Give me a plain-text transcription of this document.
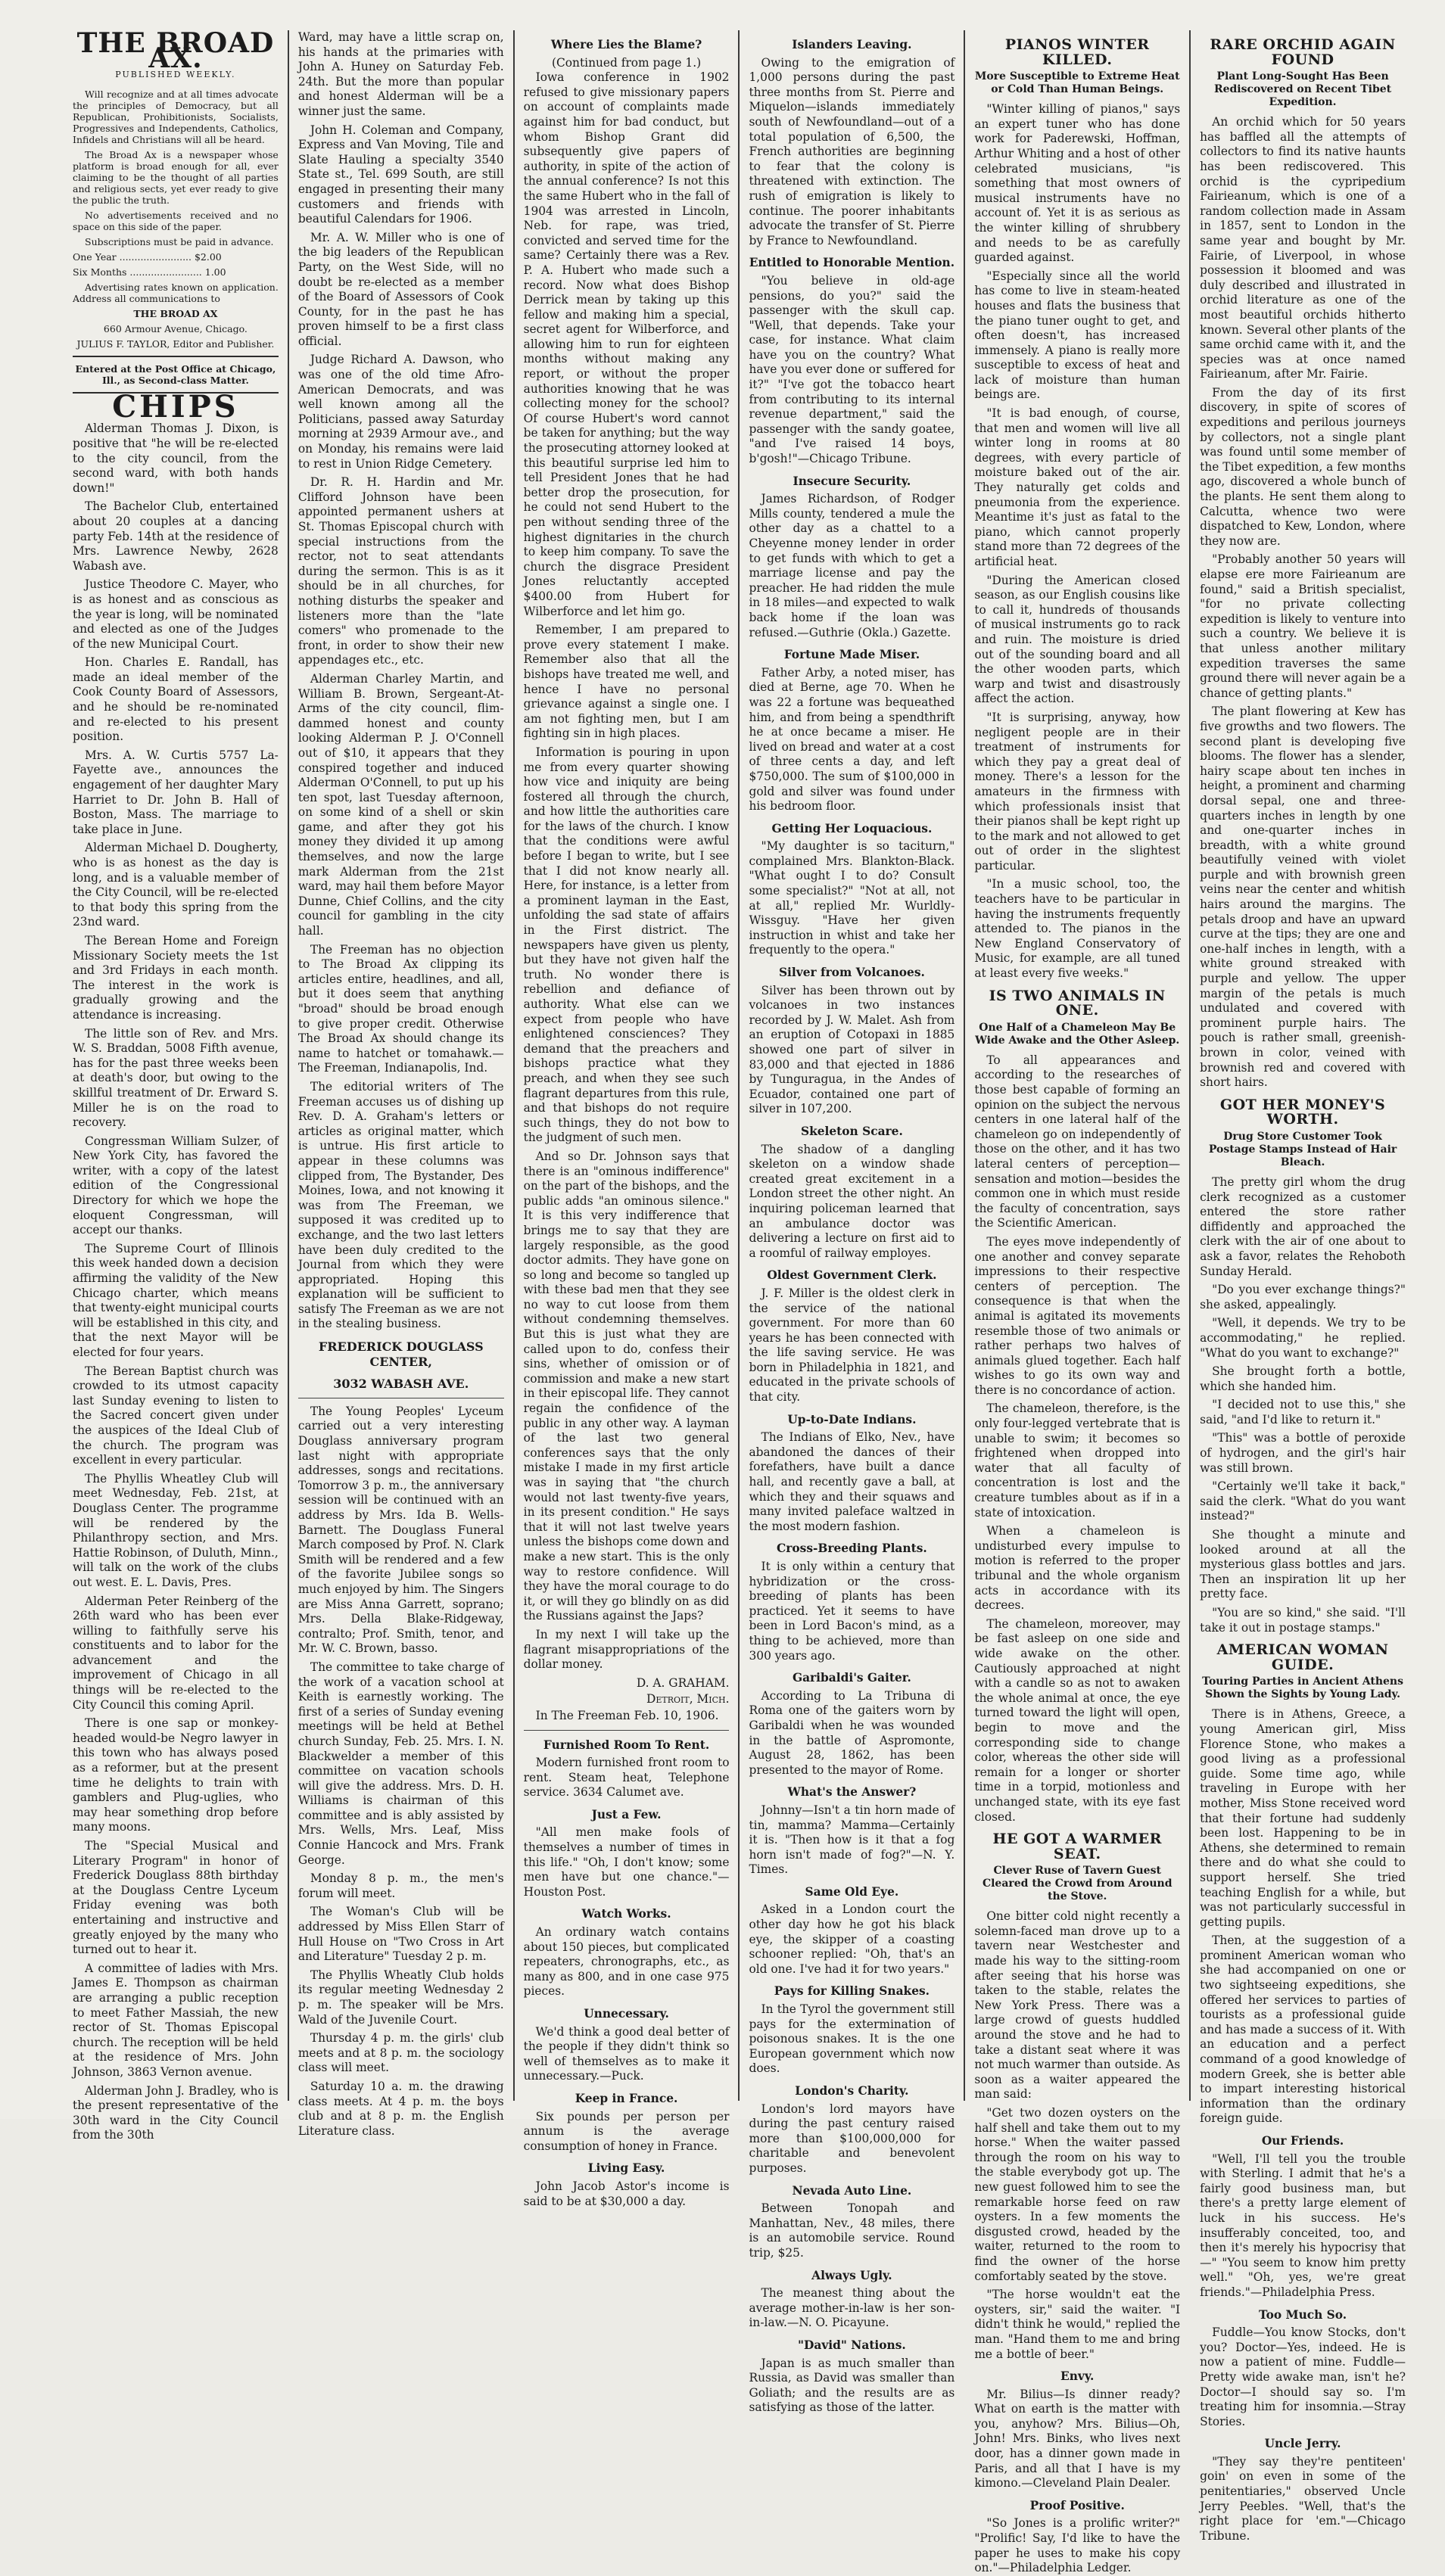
THE BROAD AX.
PUBLISHED WEEKLY.

Will recognize and at all times advocate the principles of Democracy, but all Republican, Prohibitionists, Socialists, Progressives and Independents, Catholics, Infidels and Christians will all be heard.

The Broad Ax is a newspaper whose platform is broad enough for all, ever claiming to be the thought of all parties and religious sects, yet ever ready to give the public the truth.

No advertisements received and no space on this side of the paper.

Subscriptions must be paid in advance.

One Year ........................ $2.00

Six Months ........................ 1.00

Advertising rates known on application. Address all communications to

THE BROAD AX

660 Armour Avenue, Chicago.

JULIUS F. TAYLOR, Editor and Publisher.

Entered at the Post Office at Chicago, Ill., as Second-class Matter.

CHIPS

Alderman Thomas J. Dixon, is positive that "he will be re-elected to the city council, from the second ward, with both hands down!"

The Bachelor Club, entertained about 20 couples at a dancing party Feb. 14th at the residence of Mrs. Lawrence Newby, 2628 Wabash ave.

Justice Theodore C. Mayer, who is as honest and as conscious as the year is long, will be nominated and elected as one of the Judges of the new Municipal Court.

Hon. Charles E. Randall, has made an ideal member of the Cook County Board of Assessors, and he should be re-nominated and re-elected to his present position.

Mrs. A. W. Curtis 5757 La-Fayette ave., announces the engagement of her daughter Mary Harriet to Dr. John B. Hall of Boston, Mass. The marriage to take place in June.

Alderman Michael D. Dougherty, who is as honest as the day is long, and is a valuable member of the City Council, will be re-elected to that body this spring from the 23nd ward.

The Berean Home and Foreign Missionary Society meets the 1st and 3rd Fridays in each month. The interest in the work is gradually growing and the attendance is increasing.

The little son of Rev. and Mrs. W. S. Braddan, 5008 Fifth avenue, has for the past three weeks been at death's door, but owing to the skillful treatment of Dr. Erward S. Miller he is on the road to recovery.

Congressman William Sulzer, of New York City, has favored the writer, with a copy of the latest edition of the Congressional Directory for which we hope the eloquent Congressman, will accept our thanks.

The Supreme Court of Illinois this week handed down a decision affirming the validity of the New Chicago charter, which means that twenty-eight municipal courts will be established in this city, and that the next Mayor will be elected for four years.

The Berean Baptist church was crowded to its utmost capacity last Sunday evening to listen to the Sacred concert given under the auspices of the Ideal Club of the church. The program was excellent in every particular.

The Phyllis Wheatley Club will meet Wednesday, Feb. 21st, at Douglass Center. The programme will be rendered by the Philanthropy section, and Mrs. Hattie Robinson, of Duluth, Minn., will talk on the work of the clubs out west. E. L. Davis, Pres.

Alderman Peter Reinberg of the 26th ward who has been ever willing to faithfully serve his constituents and to labor for the advancement and the improvement of Chicago in all things will be re-elected to the City Council this coming April.

There is one sap or monkey-headed would-be Negro lawyer in this town who has always posed as a reformer, but at the present time he delights to train with gamblers and Plug-uglies, who may hear something drop before many moons.

The "Special Musical and Literary Program" in honor of Frederick Douglass 88th birthday at the Douglass Centre Lyceum Friday evening was both entertaining and instructive and greatly enjoyed by the many who turned out to hear it.

A committee of ladies with Mrs. James E. Thompson as chairman are arranging a public reception to meet Father Massiah, the new rector of St. Thomas Episcopal church. The reception will be held at the residence of Mrs. John Johnson, 3863 Vernon avenue.

Alderman John J. Bradley, who is the present representative of the 30th ward in the City Council from the 30th

Ward, may have a little scrap on, his hands at the primaries with John A. Huney on Saturday Feb. 24th. But the more than popular and honest Alderman will be a winner just the same.

John H. Coleman and Company, Express and Van Moving, Tile and Slate Hauling a specialty 3540 State st., Tel. 699 South, are still engaged in presenting their many customers and friends with beautiful Calendars for 1906.

Mr. A. W. Miller who is one of the big leaders of the Republican Party, on the West Side, will no doubt be re-elected as a member of the Board of Assessors of Cook County, for in the past he has proven himself to be a first class official.

Judge Richard A. Dawson, who was one of the old time Afro-American Democrats, and was well known among all the Politicians, passed away Saturday morning at 2939 Armour ave., and on Monday, his remains were laid to rest in Union Ridge Cemetery.

Dr. R. H. Hardin and Mr. Clifford Johnson have been appointed permanent ushers at St. Thomas Episcopal church with special instructions from the rector, not to seat attendants during the sermon. This is as it should be in all churches, for nothing disturbs the speaker and listeners more than the "late comers" who promenade to the front, in order to show their new appendages etc., etc.

Alderman Charley Martin, and William B. Brown, Sergeant-At-Arms of the city council, flim-dammed honest and county looking Alderman P. J. O'Connell out of $10, it appears that they conspired together and induced Alderman O'Connell, to put up his ten spot, last Tuesday afternoon, on some kind of a shell or skin game, and after they got his money they divided it up among themselves, and now the large mark Alderman from the 21st ward, may hail them before Mayor Dunne, Chief Collins, and the city council for gambling in the city hall.

The Freeman has no objection to The Broad Ax clipping its articles entire, headlines, and all, but it does seem that anything "broad" should be broad enough to give proper credit. Otherwise The Broad Ax should change its name to hatchet or tomahawk.—The Freeman, Indianapolis, Ind.

The editorial writers of The Freeman accuses us of dishing up Rev. D. A. Graham's letters or articles as original matter, which is untrue. His first article to appear in these columns was clipped from, The Bystander, Des Moines, Iowa, and not knowing it was from The Freeman, we supposed it was credited up to exchange, and the two last letters have been duly credited to the Journal from which they were appropriated. Hoping this explanation will be sufficient to satisfy The Freeman as we are not in the stealing business.

FREDERICK DOUGLASS CENTER,
3032 WABASH AVE.

The Young Peoples' Lyceum carried out a very interesting Douglass anniversary program last night with appropriate addresses, songs and recitations. Tomorrow 3 p. m., the anniversary session will be continued with an address by Mrs. Ida B. Wells-Barnett. The Douglass Funeral March composed by Prof. N. Clark Smith will be rendered and a few of the favorite Jubilee songs so much enjoyed by him. The Singers are Miss Anna Garrett, soprano; Mrs. Della Blake-Ridgeway, contralto; Prof. Smith, tenor, and Mr. W. C. Brown, basso.

The committee to take charge of the work of a vacation school at Keith is earnestly working. The first of a series of Sunday evening meetings will be held at Bethel church Sunday, Feb. 25. Mrs. I. N. Blackwelder a member of this committee on vacation schools will give the address. Mrs. D. H. Williams is chairman of this committee and is ably assisted by Mrs. Wells, Mrs. Leaf, Miss Connie Hancock and Mrs. Frank George.

Monday 8 p. m., the men's forum will meet.

The Woman's Club will be addressed by Miss Ellen Starr of Hull House on "Two Cross in Art and Literature" Tuesday 2 p. m.

The Phyllis Wheatly Club holds its regular meeting Wednesday 2 p. m. The speaker will be Mrs. Wald of the Juvenile Court.

Thursday 4 p. m. the girls' club meets and at 8 p. m. the sociology class will meet.

Saturday 10 a. m. the drawing class meets. At 4 p. m. the boys club and at 8 p. m. the English Literature class.

Where Lies the Blame?
(Continued from page 1.)

Iowa conference in 1902 refused to give missionary papers on account of complaints made against him for bad conduct, but whom Bishop Grant did subsequently give papers of authority, in spite of the action of the annual conference? Is not this the same Hubert who in the fall of 1904 was arrested in Lincoln, Neb. for rape, was tried, convicted and served time for the same? Certainly there was a Rev. P. A. Hubert who made such a record. Now what does Bishop Derrick mean by taking up this fellow and making him a special, secret agent for Wilberforce, and allowing him to run for eighteen months without making any report, or without the proper authorities knowing that he was collecting money for the school? Of course Hubert's word cannot be taken for anything; but the way the prosecuting attorney looked at this beautiful surprise led him to tell President Jones that he had better drop the prosecution, for he could not send Hubert to the pen without sending three of the highest dignitaries in the church to keep him company. To save the church the disgrace President Jones reluctantly accepted $400.00 from Hubert for Wilberforce and let him go.

Remember, I am prepared to prove every statement I make. Remember also that all the bishops have treated me well, and hence I have no personal grievance against a single one. I am not fighting men, but I am fighting sin in high places.

Information is pouring in upon me from every quarter showing how vice and iniquity are being fostered all through the church, and how little the authorities care for the laws of the church. I know that the conditions were awful before I began to write, but I see that I did not know nearly all. Here, for instance, is a letter from a prominent layman in the East, unfolding the sad state of affairs in the First district. The newspapers have given us plenty, but they have not given half the truth. No wonder there is rebellion and defiance of authority. What else can we expect from people who have enlightened consciences? They demand that the preachers and bishops practice what they preach, and when they see such flagrant departures from this rule, and that bishops do not require such things, they do not bow to the judgment of such men.

And so Dr. Johnson says that there is an "ominous indifference" on the part of the bishops, and the public adds "an ominous silence." It is this very indifference that brings me to say that they are largely responsible, as the good doctor admits. They have gone on so long and become so tangled up with these bad men that they see no way to cut loose from them without condemning themselves. But this is just what they are called upon to do, confess their sins, whether of omission or of commission and make a new start in their episcopal life. They cannot regain the confidence of the public in any other way. A layman of the last two general conferences says that the only mistake I made in my first article was in saying that "the church would not last twenty-five years, in its present condition." He says that it will not last twelve years unless the bishops come down and make a new start. This is the only way to restore confidence. Will they have the moral courage to do it, or will they go blindly on as did the Russians against the Japs?

In my next I will take up the flagrant misappropriations of the dollar money.

D. A. GRAHAM.
Detroit, Mich.

In The Freeman Feb. 10, 1906.

Furnished Room To Rent.

Modern furnished front room to rent. Steam heat, Telephone service. 3634 Calumet ave.

Just a Few.

"All men make fools of themselves a number of times in this life." "Oh, I don't know; some men have but one chance."—Houston Post.

Watch Works.

An ordinary watch contains about 150 pieces, but complicated repeaters, chronographs, etc., as many as 800, and in one case 975 pieces.

Unnecessary.

We'd think a good deal better of the people if they didn't think so well of themselves as to make it unnecessary.—Puck.

Keep in France.

Six pounds per person per annum is the average consumption of honey in France.

Living Easy.

John Jacob Astor's income is said to be at $30,000 a day.

Islanders Leaving.

Owing to the emigration of 1,000 persons during the past three months from St. Pierre and Miquelon—islands immediately south of Newfoundland—out of a total population of 6,500, the French authorities are beginning to fear that the colony is threatened with extinction. The rush of emigration is likely to continue. The poorer inhabitants advocate the transfer of St. Pierre by France to Newfoundland.

Entitled to Honorable Mention.

"You believe in old-age pensions, do you?" said the passenger with the skull cap. "Well, that depends. Take your case, for instance. What claim have you on the country? What have you ever done or suffered for it?" "I've got the tobacco heart from contributing to its internal revenue department," said the passenger with the sandy goatee, "and I've raised 14 boys, b'gosh!"—Chicago Tribune.

Insecure Security.

James Richardson, of Rodger Mills county, tendered a mule the other day as a chattel to a Cheyenne money lender in order to get funds with which to get a marriage license and pay the preacher. He had ridden the mule in 18 miles—and expected to walk back home if the loan was refused.—Guthrie (Okla.) Gazette.

Fortune Made Miser.

Father Arby, a noted miser, has died at Berne, age 70. When he was 22 a fortune was bequeathed him, and from being a spendthrift he at once became a miser. He lived on bread and water at a cost of three cents a day, and left $750,000. The sum of $100,000 in gold and silver was found under his bedroom floor.

Getting Her Loquacious.

"My daughter is so taciturn," complained Mrs. Blankton-Black. "What ought I to do? Consult some specialist?" "Not at all, not at all," replied Mr. Wurldly-Wissguy. "Have her given instruction in whist and take her frequently to the opera."

Silver from Volcanoes.

Silver has been thrown out by volcanoes in two instances recorded by J. W. Malet. Ash from an eruption of Cotopaxi in 1885 showed one part of silver in 83,000 and that ejected in 1886 by Tunguragua, in the Andes of Ecuador, contained one part of silver in 107,200.

Skeleton Scare.

The shadow of a dangling skeleton on a window shade created great excitement in a London street the other night. An inquiring policeman learned that an ambulance doctor was delivering a lecture on first aid to a roomful of railway employes.

Oldest Government Clerk.

J. F. Miller is the oldest clerk in the service of the national government. For more than 60 years he has been connected with the life saving service. He was born in Philadelphia in 1821, and educated in the private schools of that city.

Up-to-Date Indians.

The Indians of Elko, Nev., have abandoned the dances of their forefathers, have built a dance hall, and recently gave a ball, at which they and their squaws and many invited paleface waltzed in the most modern fashion.

Cross-Breeding Plants.

It is only within a century that hybridization or the cross-breeding of plants has been practiced. Yet it seems to have been in Lord Bacon's mind, as a thing to be achieved, more than 300 years ago.

Garibaldi's Gaiter.

According to La Tribuna di Roma one of the gaiters worn by Garibaldi when he was wounded in the battle of Aspromonte, August 28, 1862, has been presented to the mayor of Rome.

What's the Answer?

Johnny—Isn't a tin horn made of tin, mamma? Mamma—Certainly it is. "Then how is it that a fog horn isn't made of fog?"—N. Y. Times.

Same Old Eye.

Asked in a London court the other day how he got his black eye, the skipper of a coasting schooner replied: "Oh, that's an old one. I've had it for two years."

Pays for Killing Snakes.

In the Tyrol the government still pays for the extermination of poisonous snakes. It is the one European government which now does.

London's Charity.

London's lord mayors have during the past century raised more than $100,000,000 for charitable and benevolent purposes.

Nevada Auto Line.

Between Tonopah and Manhattan, Nev., 48 miles, there is an automobile service. Round trip, $25.

Always Ugly.

The meanest thing about the average mother-in-law is her son-in-law.—N. O. Picayune.

"David" Nations.

Japan is as much smaller than Russia, as David was smaller than Goliath; and the results are as satisfying as those of the latter.

PIANOS WINTER KILLED.
More Susceptible to Extreme Heat or Cold Than Human Beings.

"Winter killing of pianos," says an expert tuner who has done work for Paderewski, Hoffman, Arthur Whiting and a host of other celebrated musicians, "is something that most owners of musical instruments have no account of. Yet it is as serious as the winter killing of shrubbery and needs to be as carefully guarded against.

"Especially since all the world has come to live in steam-heated houses and flats the business that the piano tuner ought to get, and often doesn't, has increased immensely. A piano is really more susceptible to excess of heat and lack of moisture than human beings are.

"It is bad enough, of course, that men and women will live all winter long in rooms at 80 degrees, with every particle of moisture baked out of the air. They naturally get colds and pneumonia from the experience. Meantime it's just as fatal to the piano, which cannot properly stand more than 72 degrees of the artificial heat.

"During the American closed season, as our English cousins like to call it, hundreds of thousands of musical instruments go to rack and ruin. The moisture is dried out of the sounding board and all the other wooden parts, which warp and twist and disastrously affect the action.

"It is surprising, anyway, how negligent people are in their treatment of instruments for which they pay a great deal of money. There's a lesson for the amateurs in the firmness with which professionals insist that their pianos shall be kept right up to the mark and not allowed to get out of order in the slightest particular.

"In a music school, too, the teachers have to be particular in having the instruments frequently attended to. The pianos in the New England Conservatory of Music, for example, are all tuned at least every five weeks."

IS TWO ANIMALS IN ONE.
One Half of a Chameleon May Be Wide Awake and the Other Asleep.

To all appearances and according to the researches of those best capable of forming an opinion on the subject the nervous centers in one lateral half of the chameleon go on independently of those on the other, and it has two lateral centers of perception—sensation and motion—besides the common one in which must reside the faculty of concentration, says the Scientific American.

The eyes move independently of one another and convey separate impressions to their respective centers of perception. The consequence is that when the animal is agitated its movements resemble those of two animals or rather perhaps two halves of animals glued together. Each half wishes to go its own way and there is no concordance of action.

The chameleon, therefore, is the only four-legged vertebrate that is unable to swim; it becomes so frightened when dropped into water that all faculty of concentration is lost and the creature tumbles about as if in a state of intoxication.

When a chameleon is undisturbed every impulse to motion is referred to the proper tribunal and the whole organism acts in accordance with its decrees.

The chameleon, moreover, may be fast asleep on one side and wide awake on the other. Cautiously approached at night with a candle so as not to awaken the whole animal at once, the eye turned toward the light will open, begin to move and the corresponding side to change color, whereas the other side will remain for a longer or shorter time in a torpid, motionless and unchanged state, with its eye fast closed.

HE GOT A WARMER SEAT.
Clever Ruse of Tavern Guest Cleared the Crowd from Around the Stove.

One bitter cold night recently a solemn-faced man drove up to a tavern near Westchester and made his way to the sitting-room after seeing that his horse was taken to the stable, relates the New York Press. There was a large crowd of guests huddled around the stove and he had to take a distant seat where it was not much warmer than outside. As soon as a waiter appeared the man said:

"Get two dozen oysters on the half shell and take them out to my horse." When the waiter passed through the room on his way to the stable everybody got up. The new guest followed him to see the remarkable horse feed on raw oysters. In a few moments the disgusted crowd, headed by the waiter, returned to the room to find the owner of the horse comfortably seated by the stove.

"The horse wouldn't eat the oysters, sir," said the waiter. "I didn't think he would," replied the man. "Hand them to me and bring me a bottle of beer."

Envy.

Mr. Bilius—Is dinner ready? What on earth is the matter with you, anyhow? Mrs. Bilius—Oh, John! Mrs. Binks, who lives next door, has a dinner gown made in Paris, and all that I have is my kimono.—Cleveland Plain Dealer.

Proof Positive.

"So Jones is a prolific writer?" "Prolific! Say, I'd like to have the paper he uses to make his copy on."—Philadelphia Ledger.

RARE ORCHID AGAIN FOUND
Plant Long-Sought Has Been Rediscovered on Recent Tibet Expedition.

An orchid which for 50 years has baffled all the attempts of collectors to find its native haunts has been rediscovered. This orchid is the cypripedium Fairieanum, which is one of a random collection made in Assam in 1857, sent to London in the same year and bought by Mr. Fairie, of Liverpool, in whose possession it bloomed and was duly described and illustrated in orchid literature as one of the most beautiful orchids hitherto known. Several other plants of the same orchid came with it, and the species was at once named Fairieanum, after Mr. Fairie.

From the day of its first discovery, in spite of scores of expeditions and perilous journeys by collectors, not a single plant was found until some member of the Tibet expedition, a few months ago, discovered a whole bunch of the plants. He sent them along to Calcutta, whence two were dispatched to Kew, London, where they now are.

"Probably another 50 years will elapse ere more Fairieanum are found," said a British specialist, "for no private collecting expedition is likely to venture into such a country. We believe it is that unless another military expedition traverses the same ground there will never again be a chance of getting plants."

The plant flowering at Kew has five growths and two flowers. The second plant is developing five blooms. The flower has a slender, hairy scape about ten inches in height, a prominent and charming dorsal sepal, one and three-quarters inches in length by one and one-quarter inches in breadth, with a white ground beautifully veined with violet purple and with brownish green veins near the center and whitish hairs around the margins. The petals droop and have an upward curve at the tips; they are one and one-half inches in length, with a white ground streaked with purple and yellow. The upper margin of the petals is much undulated and covered with prominent purple hairs. The pouch is rather small, greenish-brown in color, veined with brownish red and covered with short hairs.

GOT HER MONEY'S WORTH.
Drug Store Customer Took Postage Stamps Instead of Hair Bleach.

The pretty girl whom the drug clerk recognized as a customer entered the store rather diffidently and approached the clerk with the air of one about to ask a favor, relates the Rehoboth Sunday Herald.

"Do you ever exchange things?" she asked, appealingly.

"Well, it depends. We try to be accommodating," he replied. "What do you want to exchange?"

She brought forth a bottle, which she handed him.

"I decided not to use this," she said, "and I'd like to return it."

"This" was a bottle of peroxide of hydrogen, and the girl's hair was still brown.

"Certainly we'll take it back," said the clerk. "What do you want instead?"

She thought a minute and looked around at all the mysterious glass bottles and jars. Then an inspiration lit up her pretty face.

"You are so kind," she said. "I'll take it out in postage stamps."

AMERICAN WOMAN GUIDE.
Touring Parties in Ancient Athens Shown the Sights by Young Lady.

There is in Athens, Greece, a young American girl, Miss Florence Stone, who makes a good living as a professional guide. Some time ago, while traveling in Europe with her mother, Miss Stone received word that their fortune had suddenly been lost. Happening to be in Athens, she determined to remain there and do what she could to support herself. She tried teaching English for a while, but was not particularly successful in getting pupils.

Then, at the suggestion of a prominent American woman who she had accompanied on one or two sightseeing expeditions, she offered her services to parties of tourists as a professional guide and has made a success of it. With an education and a perfect command of a good knowledge of modern Greek, she is better able to impart interesting historical information than the ordinary foreign guide.

Our Friends.

"Well, I'll tell you the trouble with Sterling. I admit that he's a fairly good business man, but there's a pretty large element of luck in his success. He's insufferably conceited, too, and then it's merely his hypocrisy that—" "You seem to know him pretty well." "Oh, yes, we're great friends."—Philadelphia Press.

Too Much So.

Fuddle—You know Stocks, don't you? Doctor—Yes, indeed. He is now a patient of mine. Fuddle—Pretty wide awake man, isn't he? Doctor—I should say so. I'm treating him for insomnia.—Stray Stories.

Uncle Jerry.

"They say they're pentiteen' goin' on even in some of the penitentiaries," observed Uncle Jerry Peebles. "Well, that's the right place for 'em."—Chicago Tribune.
